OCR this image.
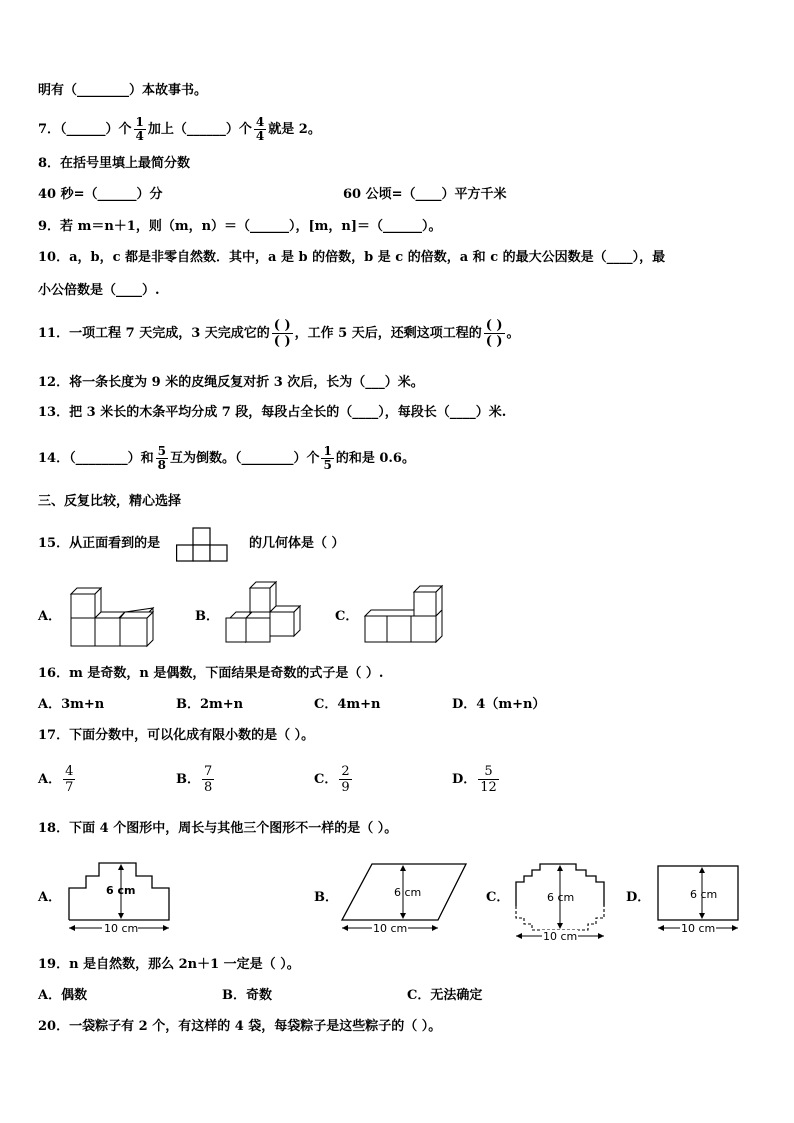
明有（________）本故事书。
7．（______）个 $\frac{1}{4}$ 加上（______）个 $\frac{4}{4}$ 就是 2。
8．在括号里填上最简分数
40 秒=（______）分	60 公顷=（____）平方千米
9．若 m＝n＋1，则（m，n）＝（______），[m，n]＝（______）。
10．a，b，c 都是非零自然数．其中，a 是 b 的倍数，b 是 c 的倍数，a 和 c 的最大公因数是（____），最
小公倍数是（____）.
11．一项工程 7 天完成，3 天完成它的 $\frac{( )}{( )}$ ，工作 5 天后，还剩这项工程的 $\frac{( )}{( )}$ 。
12．将一条长度为 9 米的皮绳反复对折 3 次后，长为（___）米。
13．把 3 米长的木条平均分成 7 段，每段占全长的（____），每段长（____）米.
14．（________）和 $\frac{5}{8}$ 互为倒数。（________）个 $\frac{1}{5}$ 的和是 0.6。
三、反复比较，精心选择
15．从正面看到的是	的几何体是（ ）
A．	B．	C．
16．m 是奇数，n 是偶数，下面结果是奇数的式子是（ ）.
A．3m+n	B．2m+n	C．4m+n	D．4（m+n）
17．下面分数中，可以化成有限小数的是（ ）。
A． $\frac{4}{7}$	B． $\frac{7}{8}$	C． $\frac{2}{9}$	D． $\frac{5}{12}$
18．下面 4 个图形中，周长与其他三个图形不一样的是（ ）。
A．	6 cm
10 cm
B．	6 cm
10 cm
C．	6 cm
10 cm
D．	6 cm
10 cm
19．n 是自然数，那么 2n＋1 一定是（ ）。
A．偶数	B．奇数	C．无法确定
20．一袋粽子有 2 个，有这样的 4 袋，每袋粽子是这些粽子的（ ）。
